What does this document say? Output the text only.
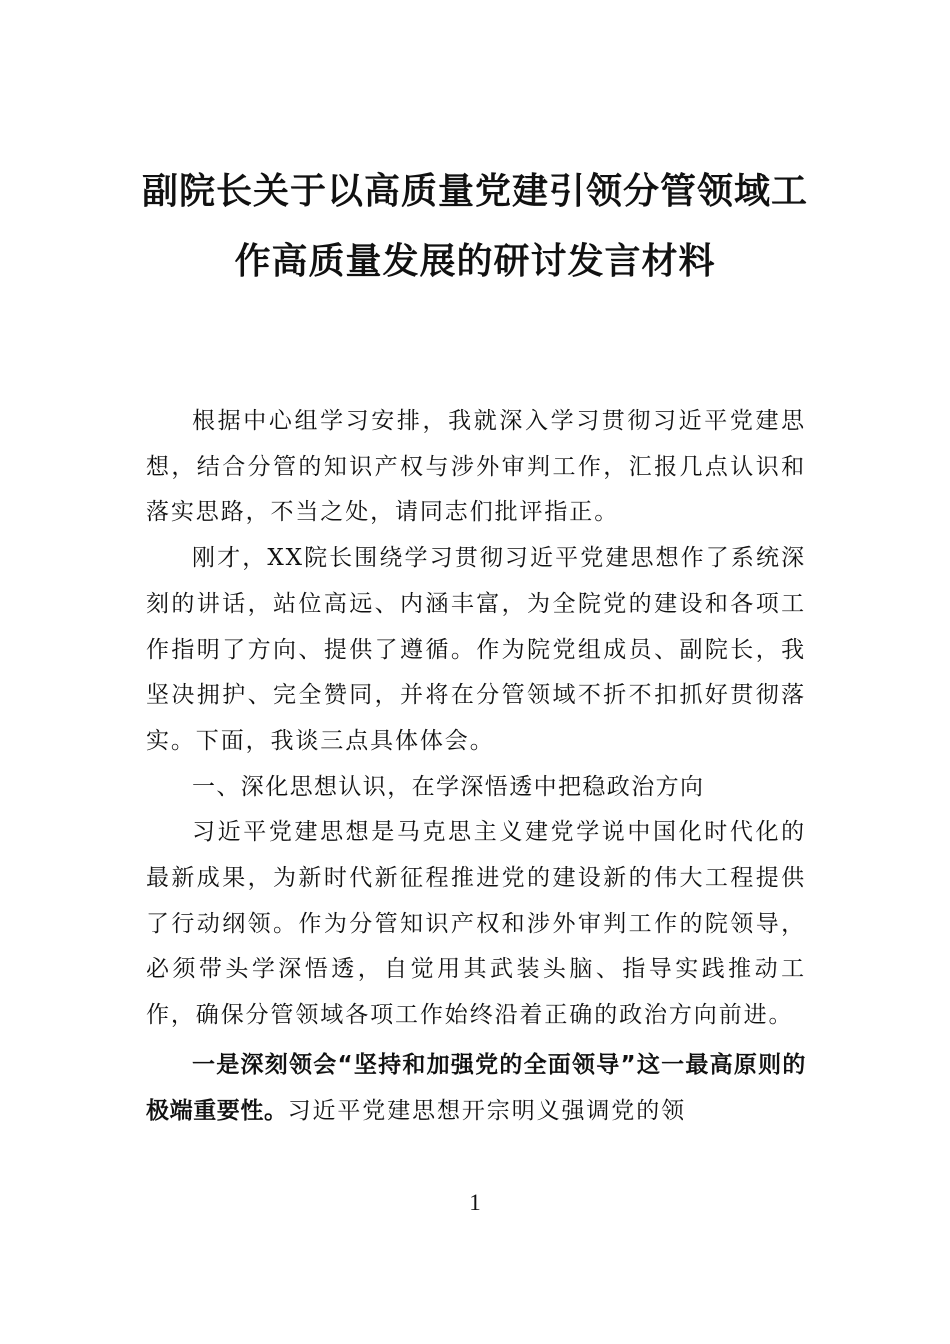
副院长关于以高质量党建引领分管领域工
作高质量发展的研讨发言材料

根据中心组学习安排，我就深入学习贯彻习近平党建思想，结合分管的知识产权与涉外审判工作，汇报几点认识和落实思路，不当之处，请同志们批评指正。

刚才，XX院长围绕学习贯彻习近平党建思想作了系统深刻的讲话，站位高远、内涵丰富，为全院党的建设和各项工作指明了方向、提供了遵循。作为院党组成员、副院长，我坚决拥护、完全赞同，并将在分管领域不折不扣抓好贯彻落实。下面，我谈三点具体体会。

一、深化思想认识，在学深悟透中把稳政治方向

习近平党建思想是马克思主义建党学说中国化时代化的最新成果，为新时代新征程推进党的建设新的伟大工程提供了行动纲领。作为分管知识产权和涉外审判工作的院领导，必须带头学深悟透，自觉用其武装头脑、指导实践推动工作，确保分管领域各项工作始终沿着正确的政治方向前进。

一是深刻领会“坚持和加强党的全面领导”这一最高原则的极端重要性。习近平党建思想开宗明义强调党的领

1
